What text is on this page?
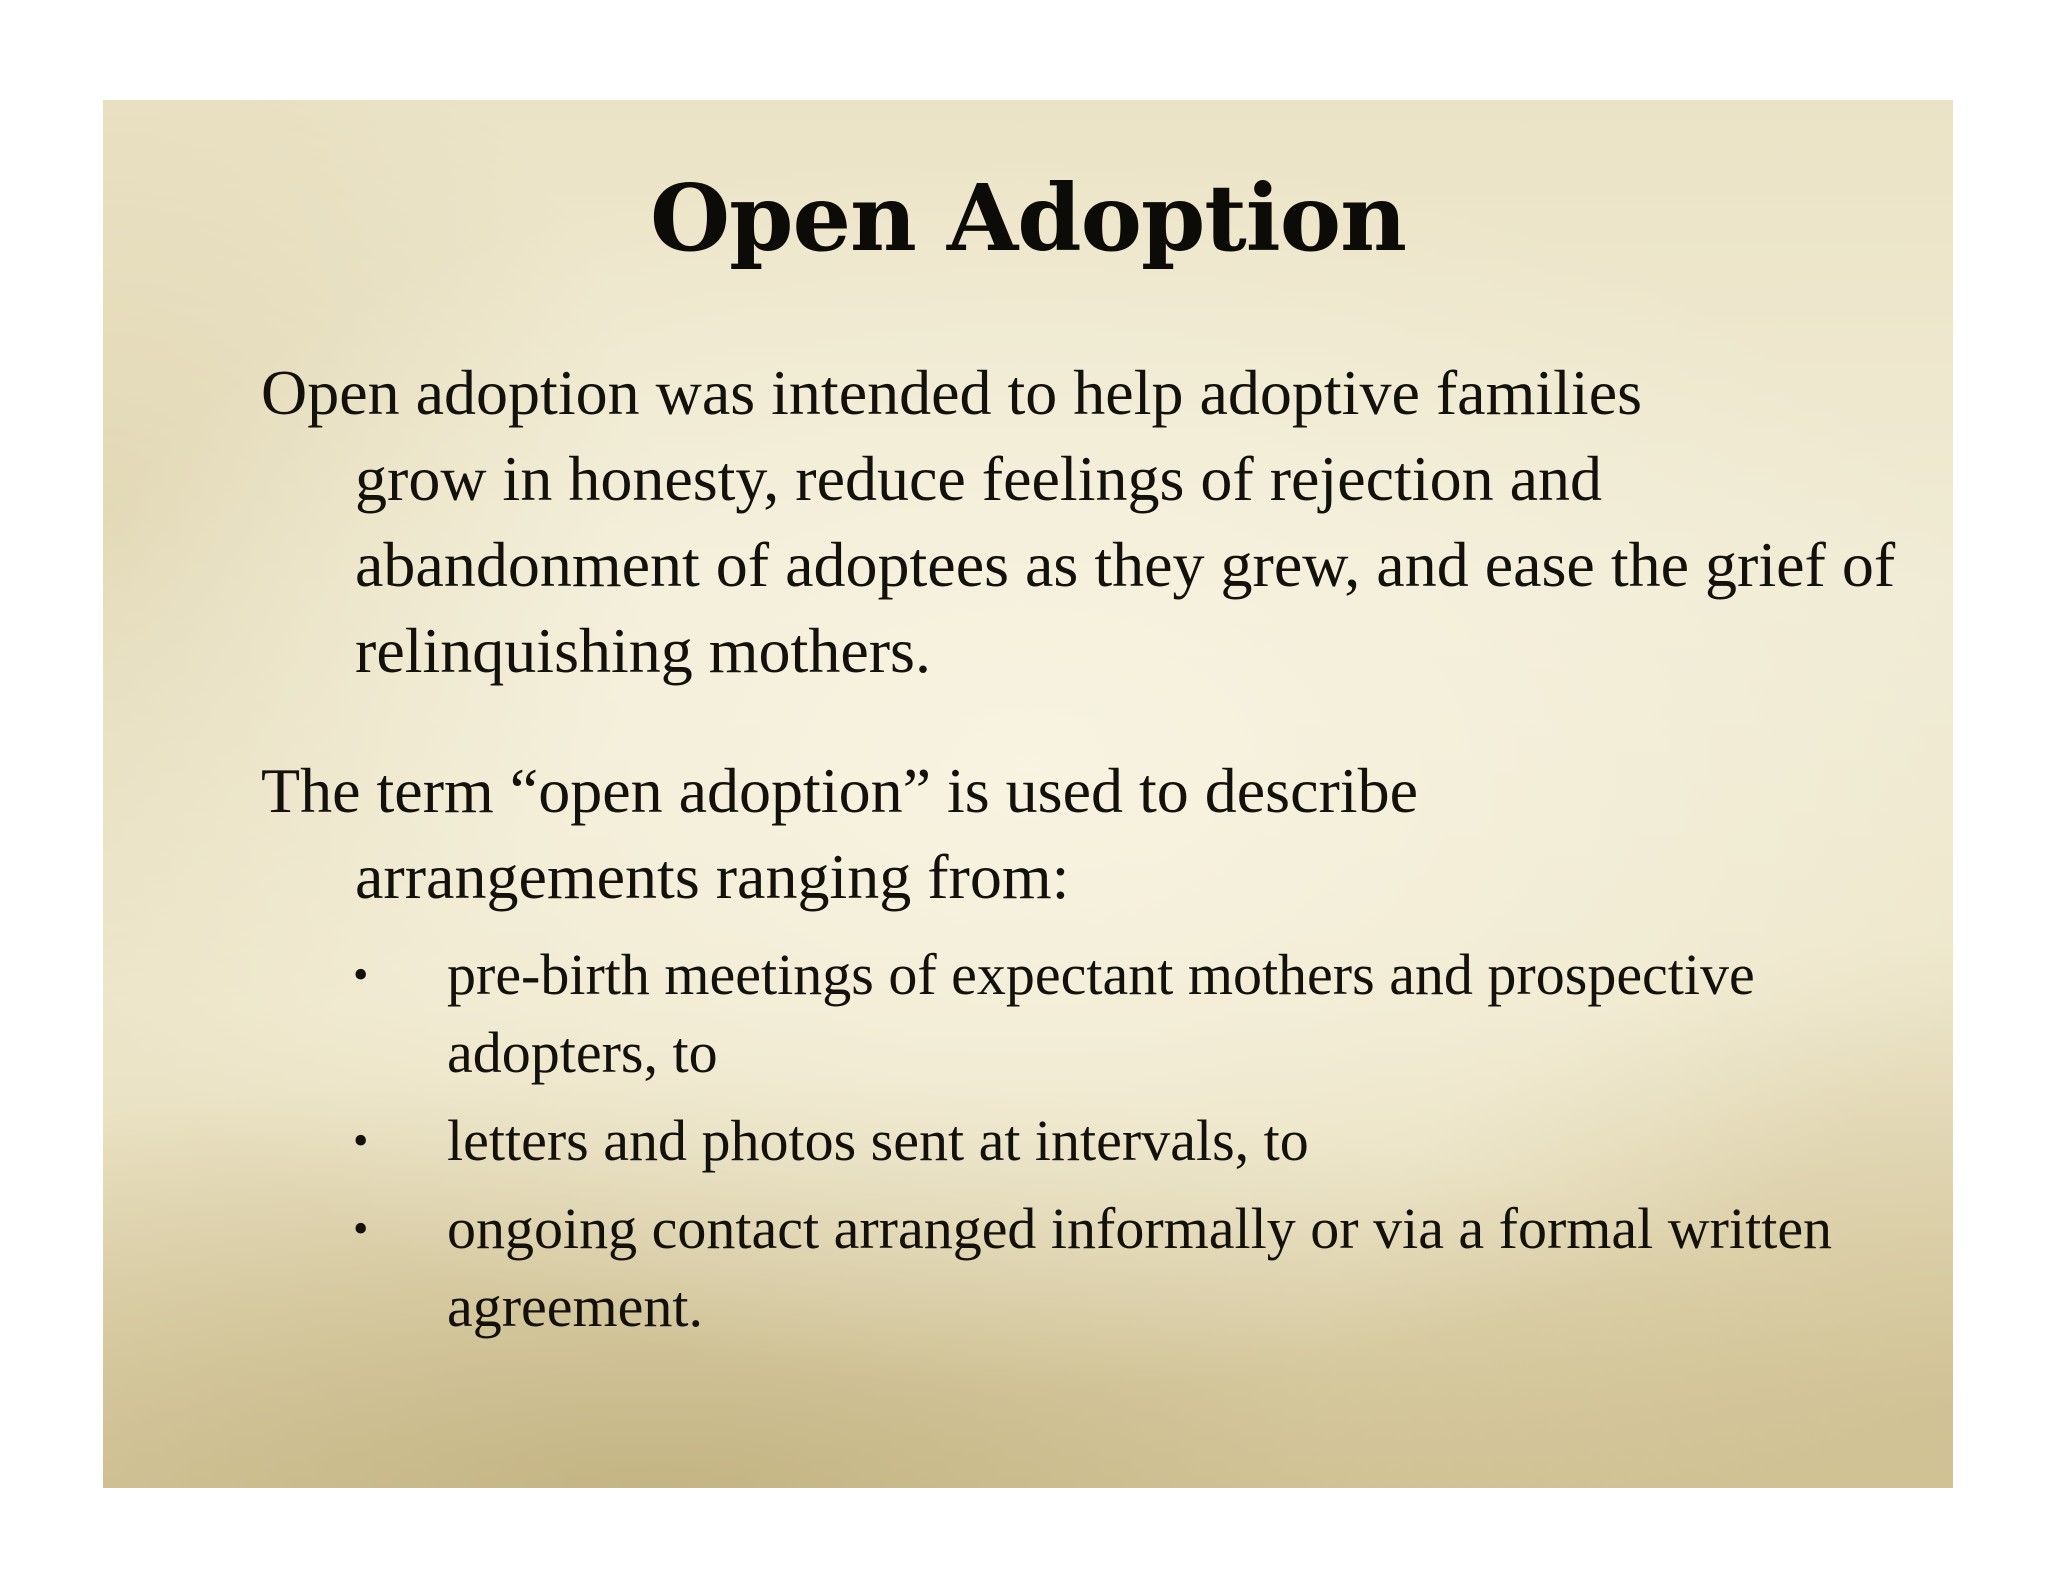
Open Adoption

Open adoption was intended to help adoptive families
grow in honesty, reduce feelings of rejection and abandonment of adoptees as they grew, and ease the grief of relinquishing mothers.

The term “open adoption” is used to describe
arrangements ranging from:

• pre-birth meetings of expectant mothers and prospective adopters, to
• letters and photos sent at intervals, to
• ongoing contact arranged informally or via a formal written agreement.
